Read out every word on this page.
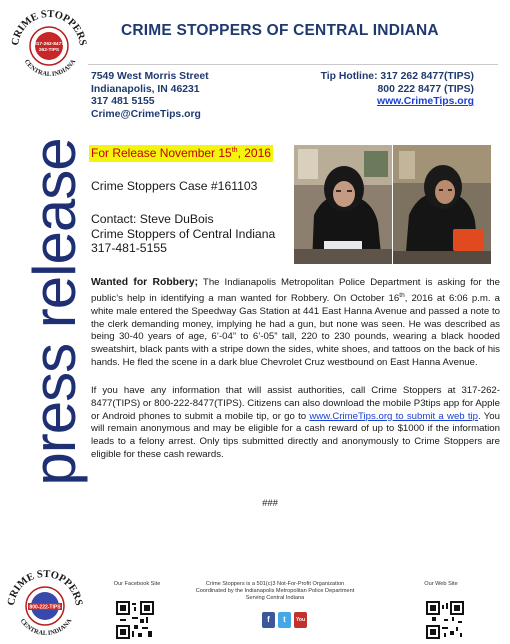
CRIME STOPPERS
CENTRAL INDIANA
317-262-8477
262-TIPS
CRIME STOPPERS OF CENTRAL INDIANA
press release
7549 West Morris Street
Indianapolis, IN 46231
317 481 5155
Crime@CrimeTips.org
Tip Hotline: 317 262 8477(TIPS)
800 222 8477 (TIPS)
www.CrimeTips.org
For Release November 15th, 2016
Crime Stoppers Case #161103
Contact: Steve DuBois
Crime Stoppers of Central Indiana
317-481-5155
Wanted for Robbery; The Indianapolis Metropolitan Police Department is asking for the public’s help in identifying a man wanted for Robbery. On October 16th, 2016 at 6:06 p.m. a white male entered the Speedway Gas Station at 441 East Hanna Avenue and passed a note to the clerk demanding money, implying he had a gun, but none was seen. He was described as being 30-40 years of age, 6’-04” to 6’-05” tall, 220 to 230 pounds, wearing a black hooded sweatshirt, black pants with a stripe down the sides, white shoes, and tattoos on the back of his hands. He fled the scene in a dark blue Chevrolet Cruz westbound on East Hanna Avenue.
If you have any information that will assist authorities, call Crime Stoppers at 317-262-8477(TIPS) or 800-222-8477(TIPS). Citizens can also download the mobile P3tips app for Apple or Android phones to submit a mobile tip, or go to www.CrimeTips.org to submit a web tip. You will remain anonymous and may be eligible for a cash reward of up to $1000 if the information leads to a felony arrest. Only tips submitted directly and anonymously to Crime Stoppers are eligible for these cash rewards.
###
CRIME STOPPERS
CENTRAL INDIANA
800-222-TIPS
Our Facebook Site	Crime Stoppers is a 501(c)3 Not-For-Profit Organization
Coordinated by the Indianapolis Metropolitan Police Department
Serving Central Indiana
Our Web Site
f	t	You Tube
